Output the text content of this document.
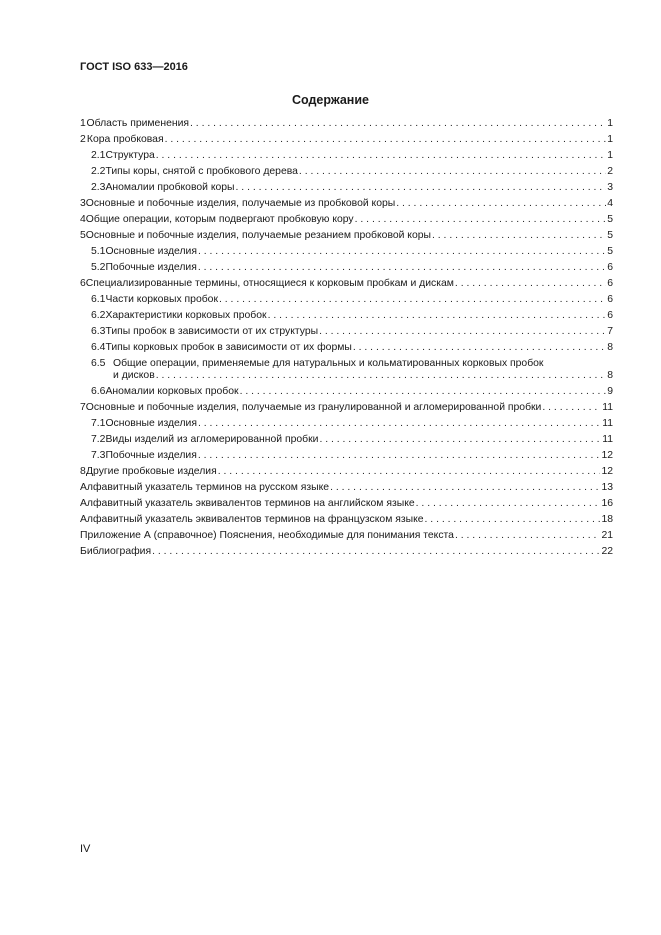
ГОСТ ISO 633—2016
Содержание
1 Область применения . . .	1
2 Кора пробковая . . .	1
2.1 Структура . . .	1
2.2 Типы коры, снятой с пробкового дерева . . .	2
2.3 Аномалии пробковой коры . . .	3
3 Основные и побочные изделия, получаемые из пробковой коры . . .	4
4 Общие операции, которым подвергают пробковую кору . . .	5
5 Основные и побочные изделия, получаемые резанием пробковой коры . . .	5
5.1 Основные изделия . . .	5
5.2 Побочные изделия . . .	6
6 Специализированные термины, относящиеся к корковым пробкам и дискам . . .	6
6.1 Части корковых пробок . . .	6
6.2 Характеристики корковых пробок . . .	6
6.3 Типы пробок в зависимости от их структуры . . .	7
6.4 Типы корковых пробок в зависимости от их формы . . .	8
6.5 Общие операции, применяемые для натуральных и кольматированных корковых пробок
и дисков . . .	8
6.6 Аномалии корковых пробок . . .	9
7 Основные и побочные изделия, получаемые из гранулированной и агломерированной пробки . . .	11
7.1 Основные изделия . . .	11
7.2 Виды изделий из агломерированной пробки . . .	11
7.3 Побочные изделия . . .	12
8 Другие пробковые изделия . . .	12
Алфавитный указатель терминов на русском языке . . .	13
Алфавитный указатель эквивалентов терминов на английском языке . . .	16
Алфавитный указатель эквивалентов терминов на французском языке . . .	18
Приложение А (справочное) Пояснения, необходимые для понимания текста . . .	21
Библиография . . .	22
IV
